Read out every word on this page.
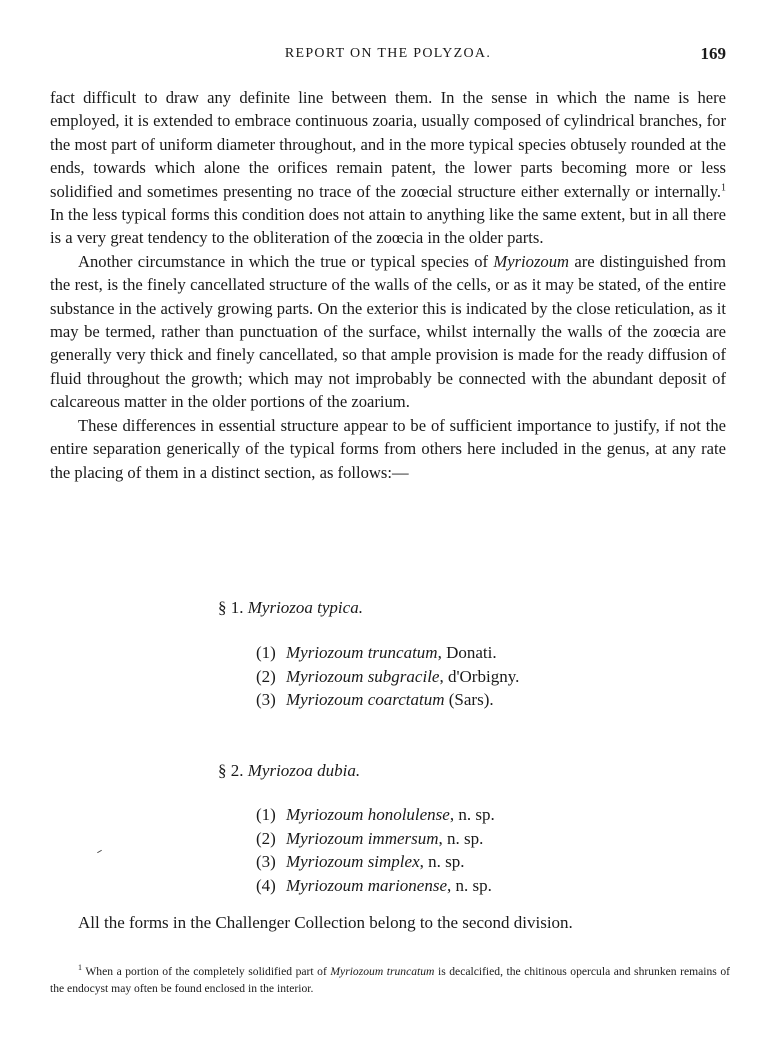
REPORT ON THE POLYZOA.	169

fact difficult to draw any definite line between them. In the sense in which the name is here employed, it is extended to embrace continuous zoaria, usually composed of cylindrical branches, for the most part of uniform diameter throughout, and in the more typical species obtusely rounded at the ends, towards which alone the orifices remain patent, the lower parts becoming more or less solidified and sometimes presenting no trace of the zoœcial structure either externally or internally.$^1$ In the less typical forms this condition does not attain to anything like the same extent, but in all there is a very great tendency to the obliteration of the zoœcia in the older parts.

Another circumstance in which the true or typical species of Myriozoum are distinguished from the rest, is the finely cancellated structure of the walls of the cells, or as it may be stated, of the entire substance in the actively growing parts. On the exterior this is indicated by the close reticulation, as it may be termed, rather than punctuation of the surface, whilst internally the walls of the zoœcia are generally very thick and finely cancellated, so that ample provision is made for the ready diffusion of fluid throughout the growth; which may not improbably be connected with the abundant deposit of calcareous matter in the older portions of the zoarium.

These differences in essential structure appear to be of sufficient importance to justify, if not the entire separation generically of the typical forms from others here included in the genus, at any rate the placing of them in a distinct section, as follows:—

§ 1. Myriozoa typica.
(1) Myriozoum truncatum, Donati.
(2) Myriozoum subgracile, d'Orbigny.
(3) Myriozoum coarctatum (Sars).
§ 2. Myriozoa dubia.
(1) Myriozoum honolulense, n. sp.
(2) Myriozoum immersum, n. sp.
(3) Myriozoum simplex, n. sp.
(4) Myriozoum marionense, n. sp.
All the forms in the Challenger Collection belong to the second division.
$^1$ When a portion of the completely solidified part of Myriozoum truncatum is decalcified, the chitinous opercula and shrunken remains of the endocyst may often be found enclosed in the interior.
